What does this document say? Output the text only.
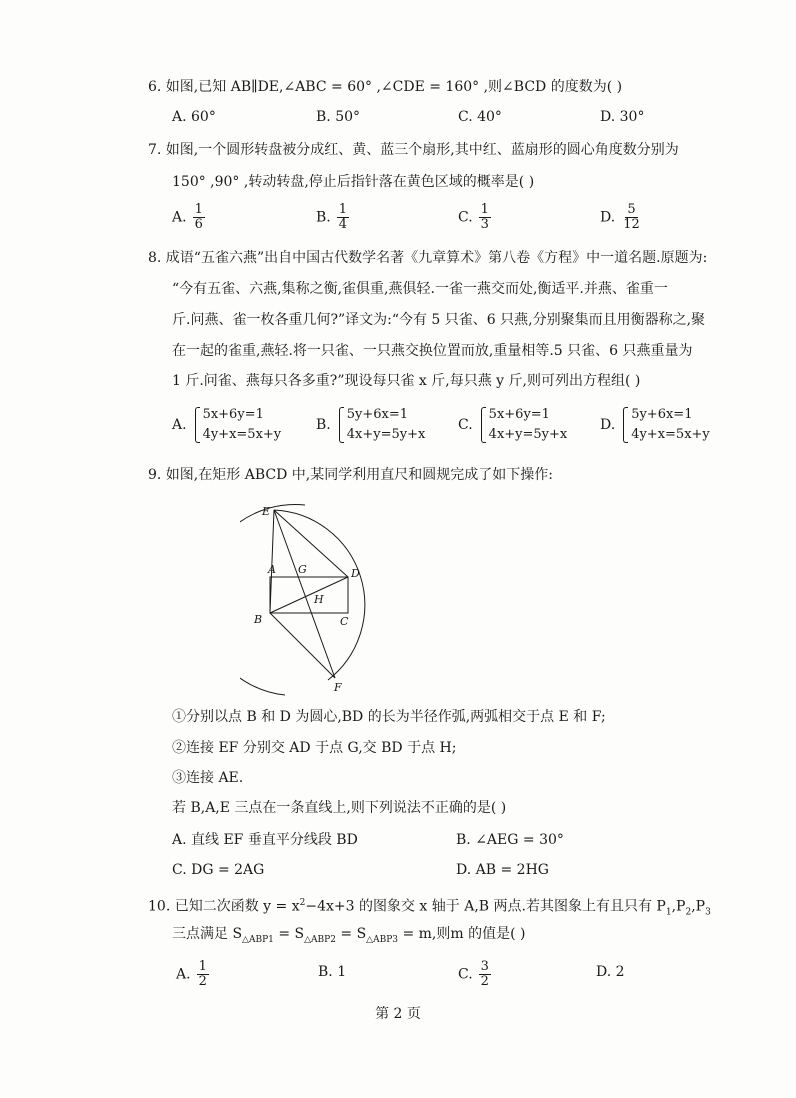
6. 如图,已知 AB∥DE,∠ABC = 60° ,∠CDE = 160° ,则∠BCD 的度数为( )
A. 60°	B. 50°	C. 40°	D. 30°
7. 如图,一个圆形转盘被分成红、黄、蓝三个扇形,其中红、蓝扇形的圆心角度数分别为
150° ,90° ,转动转盘,停止后指针落在黄色区域的概率是( )
A. $\frac{1}{6}$	B. $\frac{1}{4}$	C. $\frac{1}{3}$	D. $\frac{5}{12}$
8. 成语“五雀六燕”出自中国古代数学名著《九章算术》第八卷《方程》中一道名题.原题为:
“今有五雀、六燕,集称之衡,雀俱重,燕俱轻.一雀一燕交而处,衡适平.并燕、雀重一
斤.问燕、雀一枚各重几何?”译文为:“今有 5 只雀、6 只燕,分别聚集而且用衡器称之,聚
在一起的雀重,燕轻.将一只雀、一只燕交换位置而放,重量相等.5 只雀、6 只燕重量为
1 斤.问雀、燕每只各多重?”现设每只雀 x 斤,每只燕 y 斤,则可列出方程组( )
A.
5x+6y=1
4y+x=5x+y
B.
5y+6x=1
4x+y=5y+x
C.
5x+6y=1
4x+y=5y+x
D.
5y+6x=1
4y+x=5x+y
9. 如图,在矩形 ABCD 中,某同学利用直尺和圆规完成了如下操作:
E
A G	D
H
B	C
F
①分别以点 B 和 D 为圆心,BD 的长为半径作弧,两弧相交于点 E 和 F;
②连接 EF 分别交 AD 于点 G,交 BD 于点 H;
③连接 AE.
若 B,A,E 三点在一条直线上,则下列说法不正确的是( )
A. 直线 EF 垂直平分线段 BD	B. ∠AEG = 30°
C. DG = 2AG	D. AB = 2HG
10. 已知二次函数 $y = x^2-4x+3$ 的图象交 x 轴于 A,B 两点.若其图象上有且只有 $P_1,P_2,P_3$
三点满足 $S_{\triangle ABP1} = S_{\triangle ABP2} = S_{\triangle ABP3} = m$,则m 的值是( )
A. $\frac{1}{2}$	B. 1	C. $\frac{3}{2}$	D. 2
第 2 页
